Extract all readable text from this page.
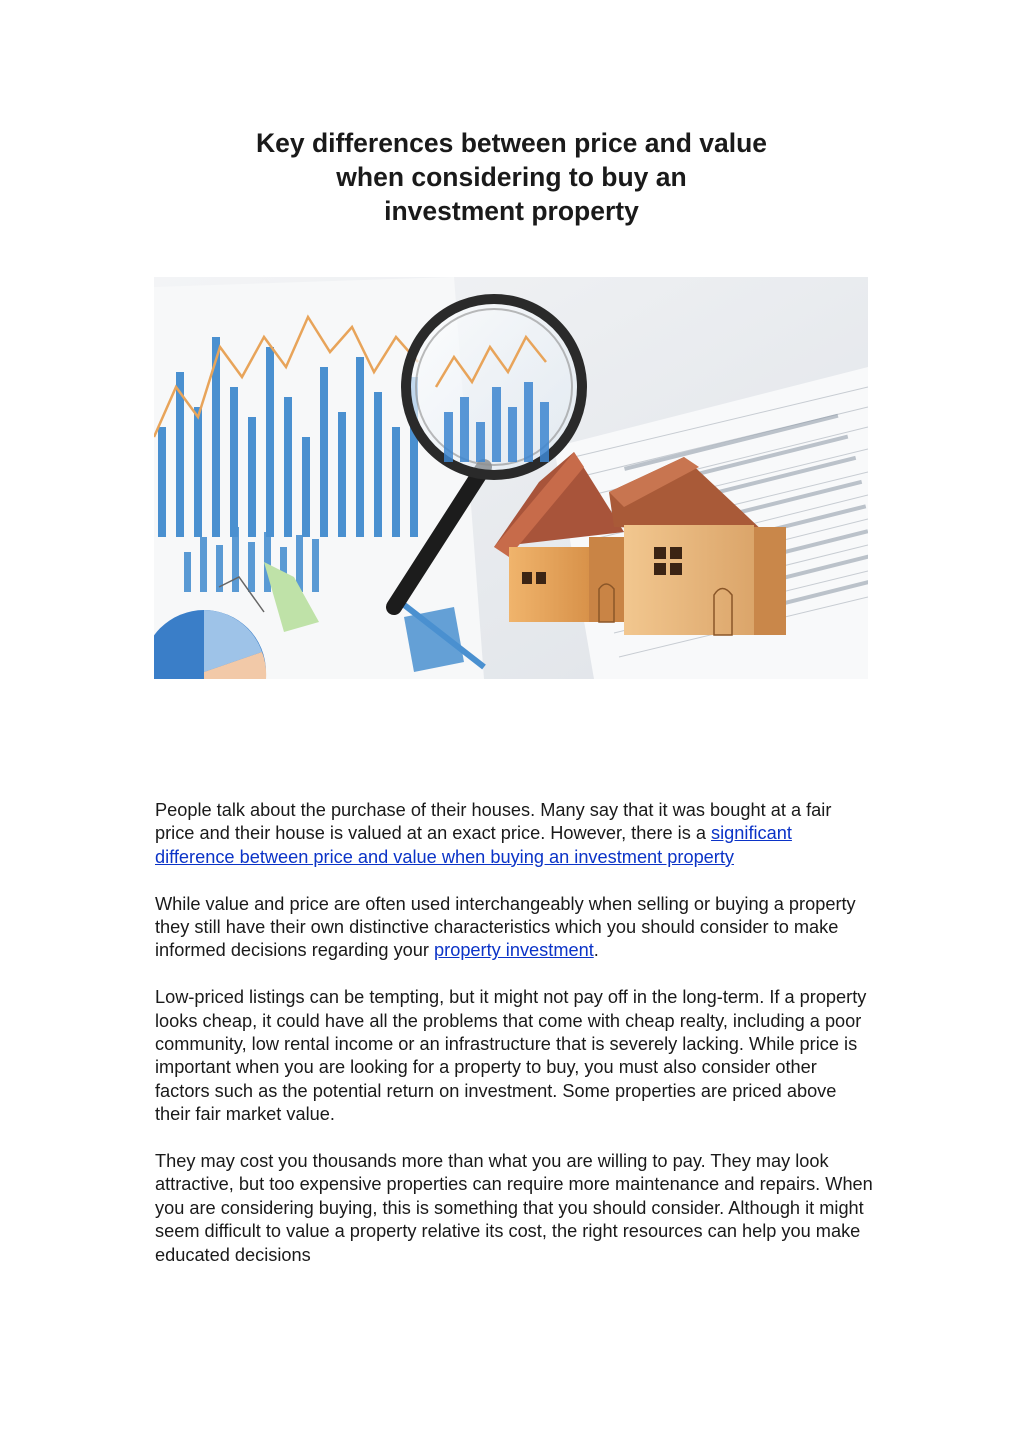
Key differences between price and value
when considering to buy an
investment property

People talk about the purchase of their houses. Many say that it was bought at a fair price and their house is valued at an exact price. However, there is a significant difference between price and value when buying an investment property

While value and price are often used interchangeably when selling or buying a property they still have their own distinctive characteristics which you should consider to make informed decisions regarding your property investment.

Low-priced listings can be tempting, but it might not pay off in the long-term. If a property looks cheap, it could have all the problems that come with cheap realty, including a poor community, low rental income or an infrastructure that is severely lacking. While price is important when you are looking for a property to buy, you must also consider other factors such as the potential return on investment. Some properties are priced above their fair market value.

They may cost you thousands more than what you are willing to pay. They may look attractive, but too expensive properties can require more maintenance and repairs. When you are considering buying, this is something that you should consider. Although it might seem difficult to value a property relative its cost, the right resources can help you make educated decisions
